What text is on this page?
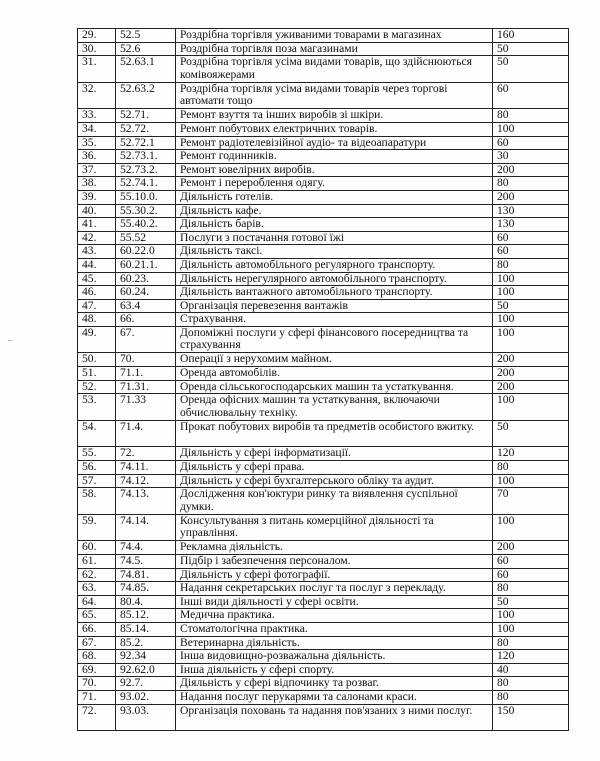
29.	52.5	Роздрібна торгівля уживаними товарами в магазинах	160
30.	52.6	Роздрібна торгівля поза магазинами	50
31.	52.63.1	Роздрібна торгівля усіма видами товарів, що здійснюються комівояжерами	50
32.	52.63.2	Роздрібна торгівля усіма видами товарів через торгові автомати тощо	60
33.	52.71.	Ремонт взуття та інших виробів зі шкіри.	80
34.	52.72.	Ремонт побутових електричних товарів.	100
35.	52.72.1	Ремонт радіотелевізійної аудіо- та відеоапаратури	60
36.	52.73.1.	Ремонт годинників.	30
37.	52.73.2.	Ремонт ювелірних виробів.	200
38.	52.74.1.	Ремонт і перероблення одягу.	80
39.	55.10.0.	Діяльність готелів.	200
40.	55.30.2.	Діяльність кафе.	130
41.	55.40.2.	Діяльність барів.	130
42.	55.52	Послуги з постачання готової їжі	60
43.	60.22.0	Діяльність таксі.	60
44.	60.21.1.	Діяльність автомобільного регулярного транспорту.	80
45.	60.23.	Діяльність нерегулярного автомобільного транспорту.	100
46.	60.24.	Діяльність вантажного автомобільного транспорту.	100
47.	63.4	Організація перевезення вантажів	50
48.	66.	Страхування.	100
49.	67.	Допоміжні послуги у сфері фінансового посередництва та страхування	100
50.	70.	Операції з нерухомим майном.	200
51.	71.1.	Оренда автомобілів.	200
52.	71.31.	Оренда сільськогосподарських машин та устаткування.	200
53.	71.33	Оренда офісних машин та устаткування, включаючи обчислювальну техніку.	100
54.	71.4.	Прокат побутових виробів та предметів особистого вжитку.	50
55.	72.	Діяльність у сфері інформатизації.	120
56.	74.11.	Діяльність у сфері права.	80
57.	74.12.	Діяльність у сфері бухгалтерського обліку та аудит.	100
58.	74.13.	Дослідження кон'юктури ринку та виявлення суспільної думки.	70
59.	74.14.	Консультування з питань комерційної діяльності та управління.	100
60.	74.4.	Рекламна діяльність.	200
61.	74.5.	Підбір і забезпечення персоналом.	60
62.	74.81.	Діяльність у сфері фотографії.	60
63.	74.85.	Надання секретарських послуг та послуг з перекладу.	80
64.	80.4.	Інші види діяльності у сфері освіти.	50
65.	85.12.	Медична практика.	100
66.	85.14.	Стоматологічна практика.	100
67.	85.2.	Ветеринарна діяльність.	80
68.	92.34	Інша видовищно-розважальна діяльність.	120
69.	92.62.0	Інша діяльність у сфері спорту.	40
70.	92.7.	Діяльність у сфері відпочинку та розваг.	80
71.	93.02.	Надання послуг перукарями та салонами краси.	80
72.	93.03.	Організація поховань та надання пов'язаних з ними послуг.	150
